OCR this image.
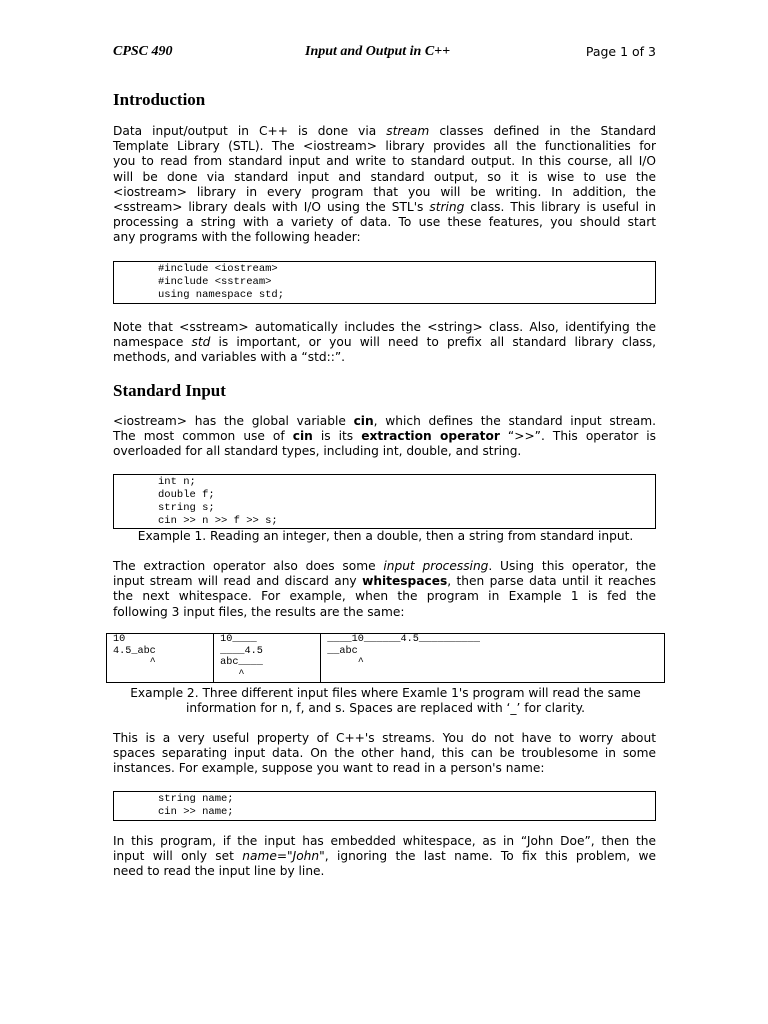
CPSC 490	Input and Output in C++	Page 1 of 3
Introduction
Data input/output in C++ is done via stream classes defined in the Standard
Template Library (STL). The <iostream> library provides all the functionalities for
you to read from standard input and write to standard output. In this course, all I/O
will be done via standard input and standard output, so it is wise to use the
<iostream> library in every program that you will be writing. In addition, the
<sstream> library deals with I/O using the STL's string class. This library is useful in
processing a string with a variety of data. To use these features, you should start
any programs with the following header:
#include <iostream>
#include <sstream>
using namespace std;
Note that <sstream> automatically includes the <string> class. Also, identifying the
namespace std is important, or you will need to prefix all standard library class,
methods, and variables with a “std::”.
Standard Input
<iostream> has the global variable cin, which defines the standard input stream.
The most common use of cin is its extraction operator “>>”. This operator is
overloaded for all standard types, including int, double, and string.
int n;
double f;
string s;
cin >> n >> f >> s;

Example 1. Reading an integer, then a double, then a string from standard input.

The extraction operator also does some input processing. Using this operator, the
input stream will read and discard any whitespaces, then parse data until it reaches
the next whitespace. For example, when the program in Example 1 is fed the
following 3 input files, the results are the same:
10
4.5_abc
^

10____
____4.5
abc____
^

____10______4.5__________
__abc
^

Example 2. Three different input files where Examle 1's program will read the same
information for n, f, and s. Spaces are replaced with ‘_’ for clarity.

This is a very useful property of C++'s streams. You do not have to worry about
spaces separating input data. On the other hand, this can be troublesome in some
instances. For example, suppose you want to read in a person's name:
string name;
cin >> name;
In this program, if the input has embedded whitespace, as in “John Doe”, then the
input will only set name="John", ignoring the last name. To fix this problem, we
need to read the input line by line.
